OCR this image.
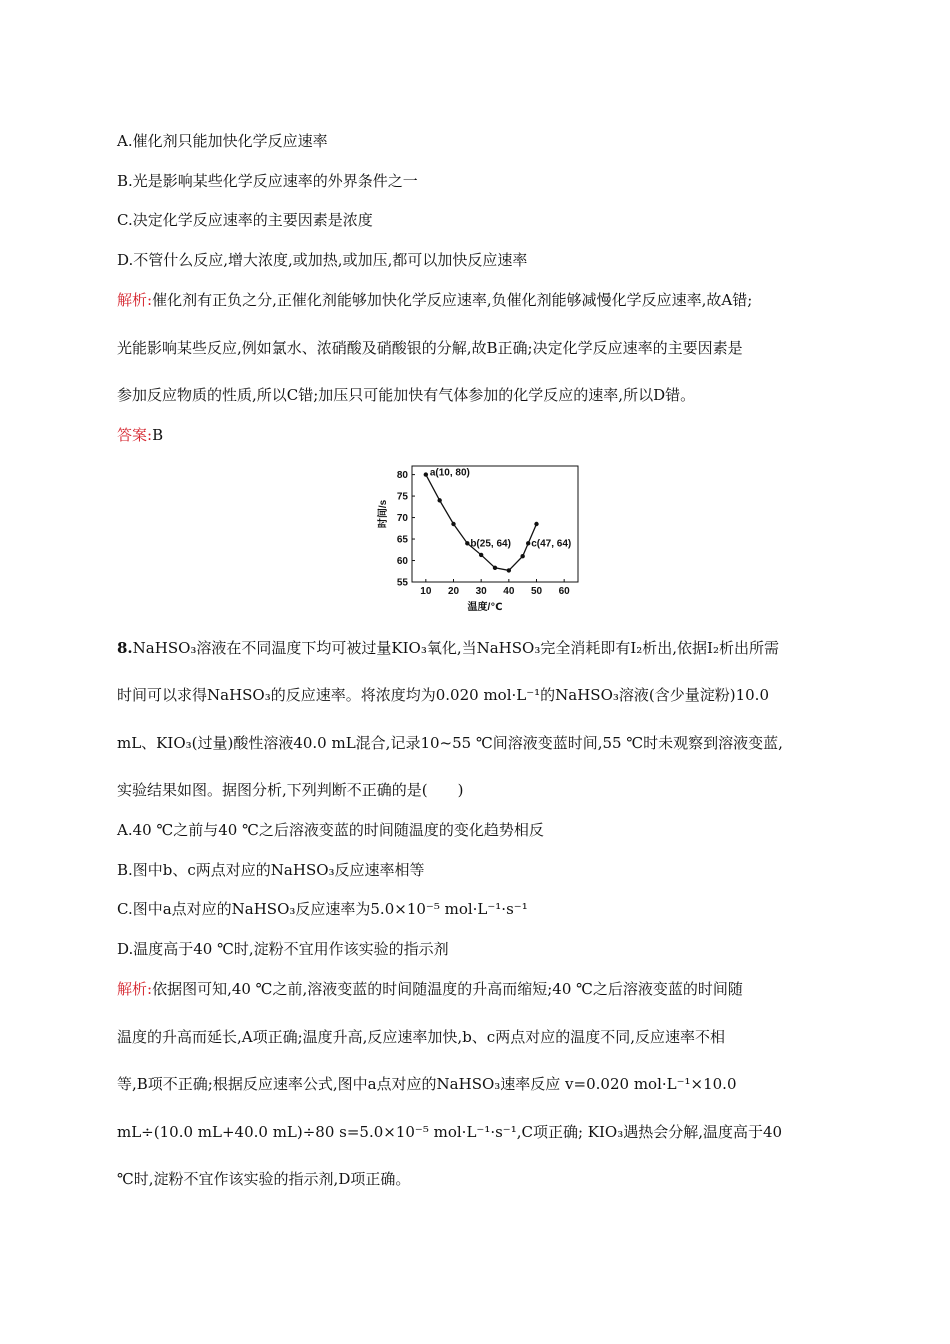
A.催化剂只能加快化学反应速率
B.光是影响某些化学反应速率的外界条件之一
C.决定化学反应速率的主要因素是浓度
D.不管什么反应,增大浓度,或加热,或加压,都可以加快反应速率
解析:催化剂有正负之分,正催化剂能够加快化学反应速率,负催化剂能够减慢化学反应速率,故A错;
光能影响某些反应,例如氯水、浓硝酸及硝酸银的分解,故B正确;决定化学反应速率的主要因素是
参加反应物质的性质,所以C错;加压只可能加快有气体参加的化学反应的速率,所以D错。
答案:B
10 20 30 40 50 60
55
60
65
70
75
80
温度/℃
时间/s
a(10, 80)
b(25, 64) c(47, 64)
8.NaHSO₃溶液在不同温度下均可被过量KIO₃氧化,当NaHSO₃完全消耗即有I₂析出,依据I₂析出所需
时间可以求得NaHSO₃的反应速率。将浓度均为0.020 mol·L⁻¹的NaHSO₃溶液(含少量淀粉)10.0
mL、KIO₃(过量)酸性溶液40.0 mL混合,记录10~55 ℃间溶液变蓝时间,55 ℃时未观察到溶液变蓝,
实验结果如图。据图分析,下列判断不正确的是(　　)
A.40 ℃之前与40 ℃之后溶液变蓝的时间随温度的变化趋势相反
B.图中b、c两点对应的NaHSO₃反应速率相等
C.图中a点对应的NaHSO₃反应速率为5.0×10⁻⁵ mol·L⁻¹·s⁻¹
D.温度高于40 ℃时,淀粉不宜用作该实验的指示剂
解析:依据图可知,40 ℃之前,溶液变蓝的时间随温度的升高而缩短;40 ℃之后溶液变蓝的时间随
温度的升高而延长,A项正确;温度升高,反应速率加快,b、c两点对应的温度不同,反应速率不相
等,B项不正确;根据反应速率公式,图中a点对应的NaHSO₃速率反应 v=0.020 mol·L⁻¹×10.0
mL÷(10.0 mL+40.0 mL)÷80 s=5.0×10⁻⁵ mol·L⁻¹·s⁻¹,C项正确; KIO₃遇热会分解,温度高于40
℃时,淀粉不宜作该实验的指示剂,D项正确。
